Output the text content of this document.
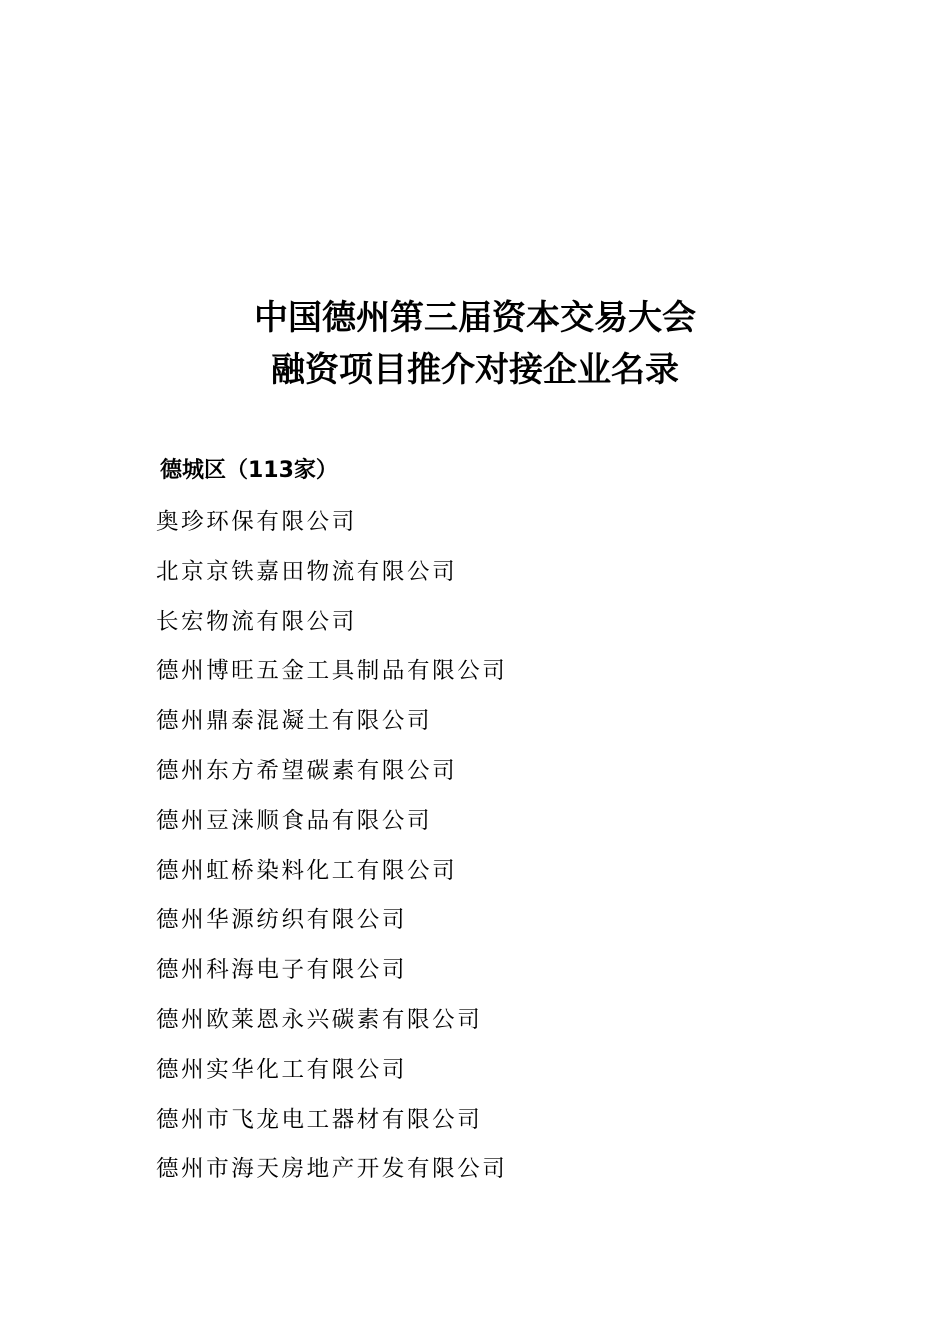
中国德州第三届资本交易大会
融资项目推介对接企业名录
德城区（113家）
奥珍环保有限公司
北京京铁嘉田物流有限公司
长宏物流有限公司
德州博旺五金工具制品有限公司
德州鼎泰混凝土有限公司
德州东方希望碳素有限公司
德州豆涞顺食品有限公司
德州虹桥染料化工有限公司
德州华源纺织有限公司
德州科海电子有限公司
德州欧莱恩永兴碳素有限公司
德州实华化工有限公司
德州市飞龙电工器材有限公司
德州市海天房地产开发有限公司
